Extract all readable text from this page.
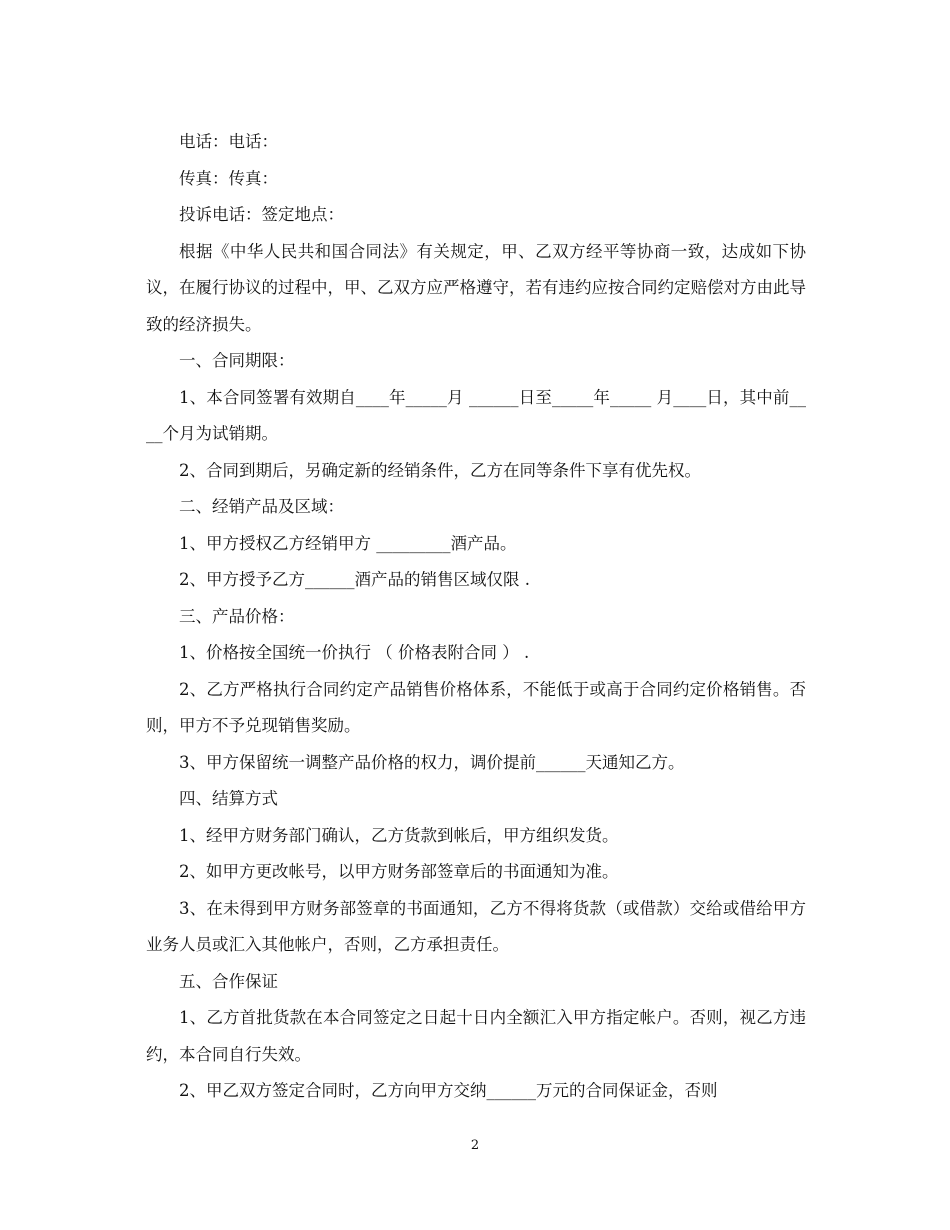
电话：电话：

传真：传真：

投诉电话：签定地点：

根据《中华人民共和国合同法》有关规定，甲、乙双方经平等协商一致，达成如下协议，在履行协议的过程中，甲、乙双方应严格遵守，若有违约应按合同约定赔偿对方由此导致的经济损失。

一、合同期限：

1、本合同签署有效期自____年_____月 ______日至_____年_____ 月____日，其中前____个月为试销期。

2、合同到期后，另确定新的经销条件，乙方在同等条件下享有优先权。

二、经销产品及区域：

1、甲方授权乙方经销甲方 _________酒产品。

2、甲方授予乙方______酒产品的销售区域仅限 .

三、产品价格：

1、价格按全国统一价执行 （ 价格表附合同 ） .

2、乙方严格执行合同约定产品销售价格体系，不能低于或高于合同约定价格销售。否则，甲方不予兑现销售奖励。

3、甲方保留统一调整产品价格的权力，调价提前______天通知乙方。

四、结算方式

1、经甲方财务部门确认，乙方货款到帐后，甲方组织发货。

2、如甲方更改帐号，以甲方财务部签章后的书面通知为准。

3、在未得到甲方财务部签章的书面通知，乙方不得将货款（或借款）交给或借给甲方业务人员或汇入其他帐户，否则，乙方承担责任。

五、合作保证

1、乙方首批货款在本合同签定之日起十日内全额汇入甲方指定帐户。否则，视乙方违约，本合同自行失效。

2、甲乙双方签定合同时，乙方向甲方交纳______万元的合同保证金，否则

2
